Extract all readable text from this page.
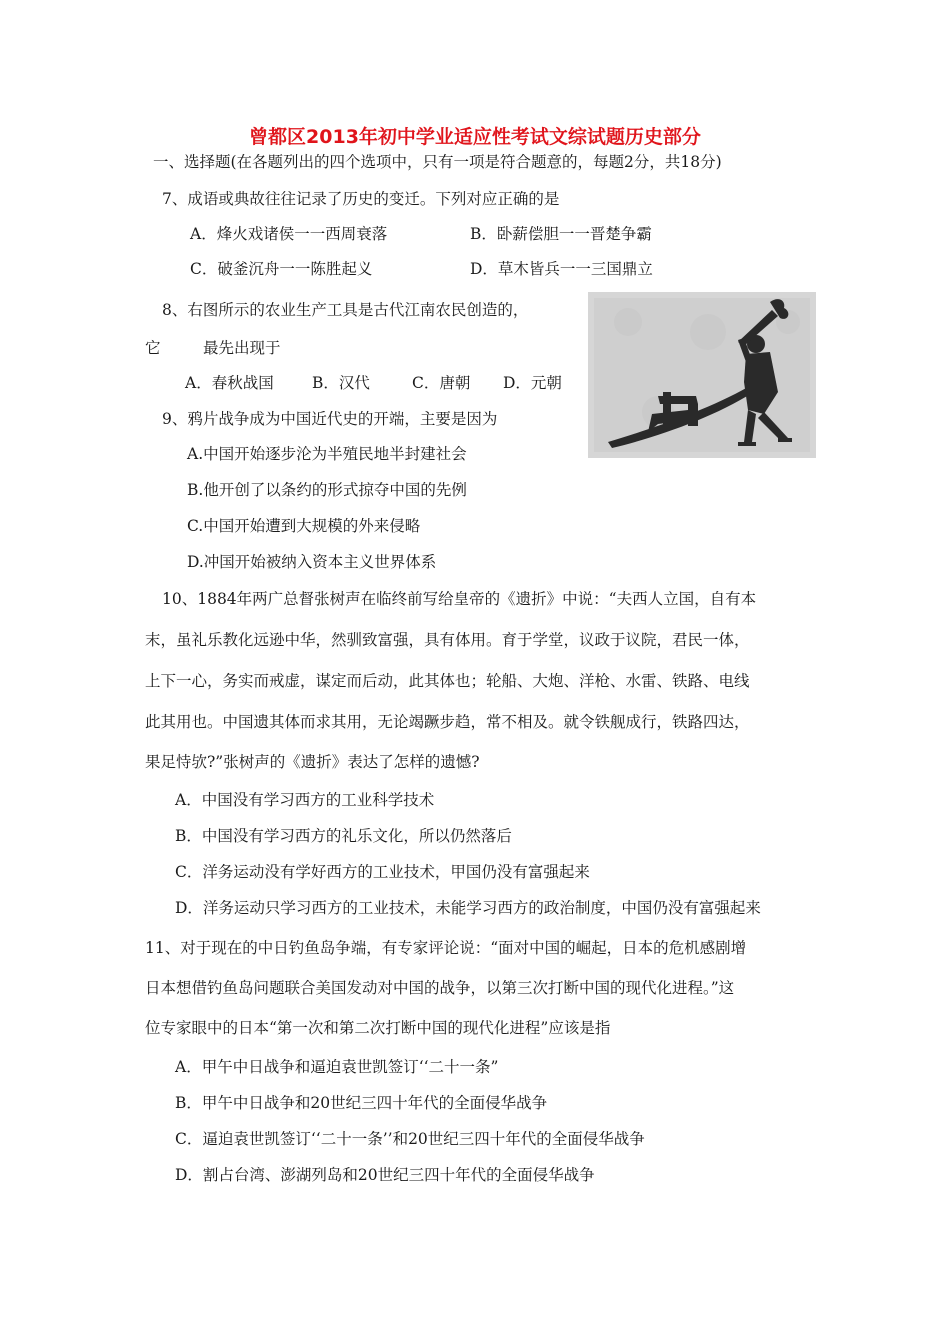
曾都区2013年初中学业适应性考试文综试题历史部分
一、选择题(在各题列出的四个选项中，只有一项是符合题意的，每题2分，共18分)
7、成语或典故往往记录了历史的变迁。下列对应正确的是
A．烽火戏诸侯一一西周衰落	B．卧薪偿胆一一晋楚争霸
C．破釜沉舟一一陈胜起义	D．草木皆兵一一三国鼎立
8、右图所示的农业生产工具是古代江南农民创造的，
它	最先出现于
A．春秋战国 B．汉代	C．唐朝 D．元朝
9、鸦片战争成为中国近代史的开端，主要是因为
A.中国开始逐步沦为半殖民地半封建社会
B.他开创了以条约的形式掠夺中国的先例
C.中国开始遭到大规模的外来侵略
D.冲国开始被纳入资本主义世界体系
10、1884年两广总督张树声在临终前写给皇帝的《遗折》中说：“夫西人立国，自有本
末，虽礼乐教化远逊中华，然驯致富强，具有体用。育于学堂，议政于议院，君民一体，
上下一心，务实而戒虚，谋定而后动，此其体也；轮船、大炮、洋枪、水雷、铁路、电线
此其用也。中国遗其体而求其用，无论竭蹶步趋，常不相及。就令铁舰成行，铁路四达，
果足恃欤?”张树声的《遗折》表达了怎样的遗憾?
A．中国没有学习西方的工业科学技术
B．中国没有学习西方的礼乐文化，所以仍然落后
C．洋务运动没有学好西方的工业技术，甲国仍没有富强起来
D．洋务运动只学习西方的工业技术，未能学习西方的政治制度，中国仍没有富强起来
11、对于现在的中日钓鱼岛争端，有专家评论说：“面对中国的崛起，日本的危机感剧增
日本想借钓鱼岛问题联合美国发动对中国的战争，以第三次打断中国的现代化进程。”这
位专家眼中的日本“第一次和第二次打断中国的现代化进程”应该是指
A．甲午中日战争和逼迫袁世凯签订‘‘二十一条”
B．甲午中日战争和20世纪三四十年代的全面侵华战争
C．逼迫袁世凯签订‘‘二十一条’’和20世纪三四十年代的全面侵华战争
D．割占台湾、澎湖列岛和20世纪三四十年代的全面侵华战争
